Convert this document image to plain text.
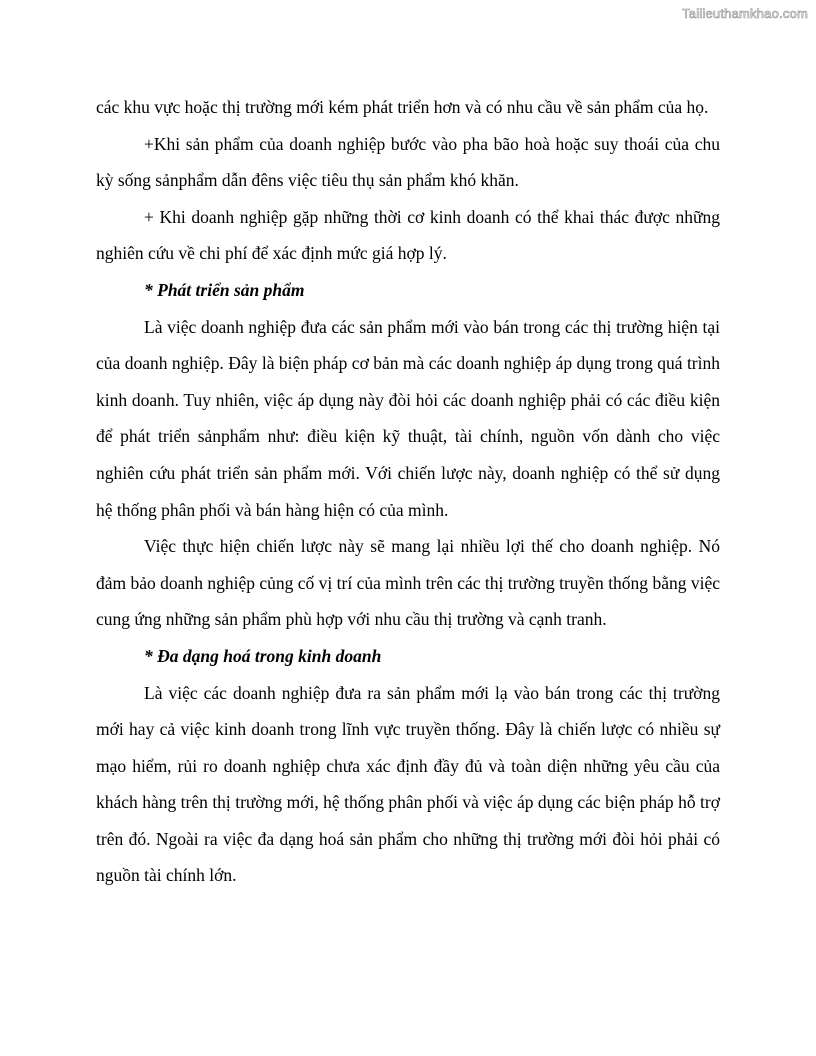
Tailieuthamkhao.com

các khu vực hoặc thị trường mới kém phát triển hơn và có nhu cầu về sản phẩm của họ.

+Khi sản phẩm của doanh nghiệp bước vào pha bão hoà hoặc suy thoái của chu kỳ sống sảnphẩm dẫn đêns việc tiêu thụ sản phẩm khó khăn.

+ Khi doanh nghiệp gặp những thời cơ kinh doanh có thể khai thác được những nghiên cứu về chi phí để xác định mức giá hợp lý.

* Phát triển sản phẩm

Là việc doanh nghiệp đưa các sản phẩm mới vào bán trong các thị trường hiện tại của doanh nghiệp. Đây là biện pháp cơ bản mà các doanh nghiệp áp dụng trong quá trình kinh doanh. Tuy nhiên, việc áp dụng này đòi hỏi các doanh nghiệp phải có các điều kiện để phát triển sảnphẩm như: điều kiện kỹ thuật, tài chính, nguồn vốn dành cho việc nghiên cứu phát triển sản phẩm mới. Với chiến lược này, doanh nghiệp có thể sử dụng hệ thống phân phối và bán hàng hiện có của mình.

Việc thực hiện chiến lược này sẽ mang lại nhiều lợi thế cho doanh nghiệp. Nó đảm bảo doanh nghiệp củng cố vị trí của mình trên các thị trường truyền thống bằng việc cung ứng những sản phẩm phù hợp với nhu cầu thị trường và cạnh tranh.

* Đa dạng hoá trong kinh doanh

Là việc các doanh nghiệp đưa ra sản phẩm mới lạ vào bán trong các thị trường mới hay cả việc kinh doanh trong lĩnh vực truyền thống. Đây là chiến lược có nhiều sự mạo hiểm, rủi ro doanh nghiệp chưa xác định đầy đủ và toàn diện những yêu cầu của khách hàng trên thị trường mới, hệ thống phân phối và việc áp dụng các biện pháp hỗ trợ trên đó. Ngoài ra việc đa dạng hoá sản phẩm cho những thị trường mới đòi hỏi phải có nguồn tài chính lớn.
